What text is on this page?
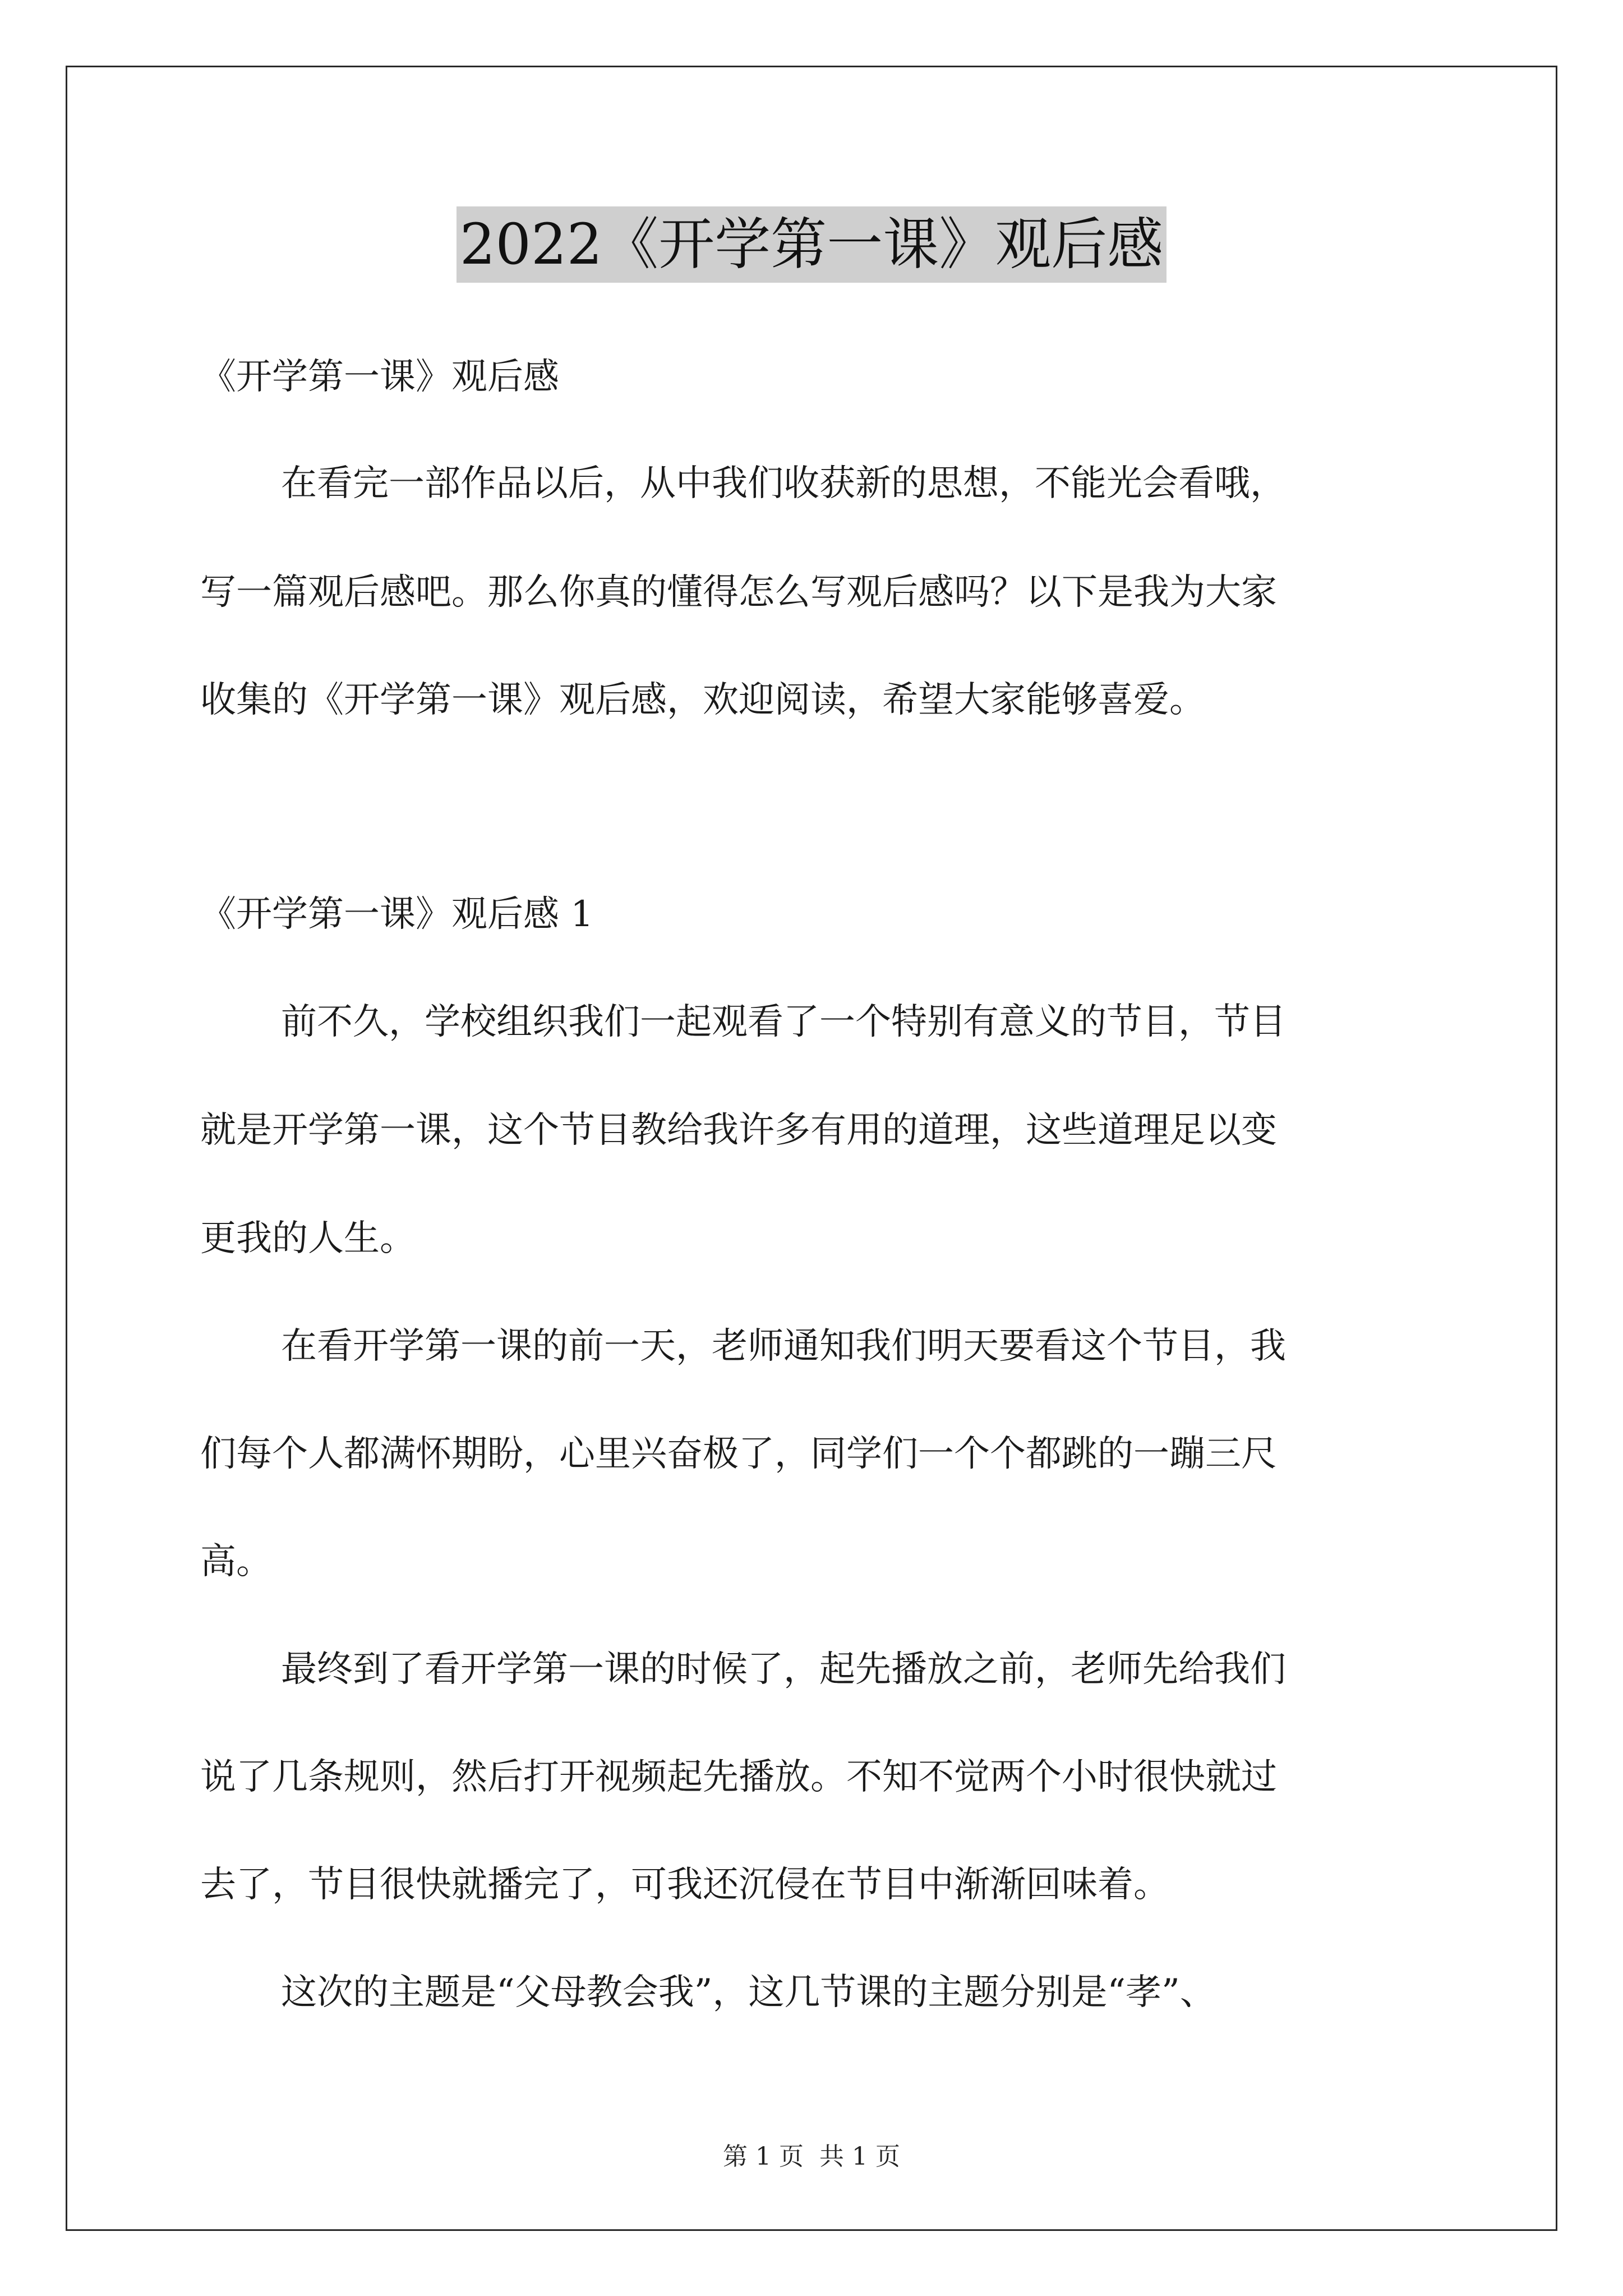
2022《开学第一课》观后感
《开学第一课》观后感
在看完一部作品以后，从中我们收获新的思想，不能光会看哦，
写一篇观后感吧。那么你真的懂得怎么写观后感吗？以下是我为大家
收集的《开学第一课》观后感，欢迎阅读，希望大家能够喜爱。
《开学第一课》观后感 1
前不久，学校组织我们一起观看了一个特别有意义的节目，节目
就是开学第一课，这个节目教给我许多有用的道理，这些道理足以变
更我的人生。
在看开学第一课的前一天，老师通知我们明天要看这个节目，我
们每个人都满怀期盼，心里兴奋极了，同学们一个个都跳的一蹦三尺
高。
最终到了看开学第一课的时候了，起先播放之前，老师先给我们
说了几条规则，然后打开视频起先播放。不知不觉两个小时很快就过
去了，节目很快就播完了，可我还沉侵在节目中渐渐回味着。
这次的主题是“父母教会我”，这几节课的主题分别是“孝”、
第 1 页 共 1 页
